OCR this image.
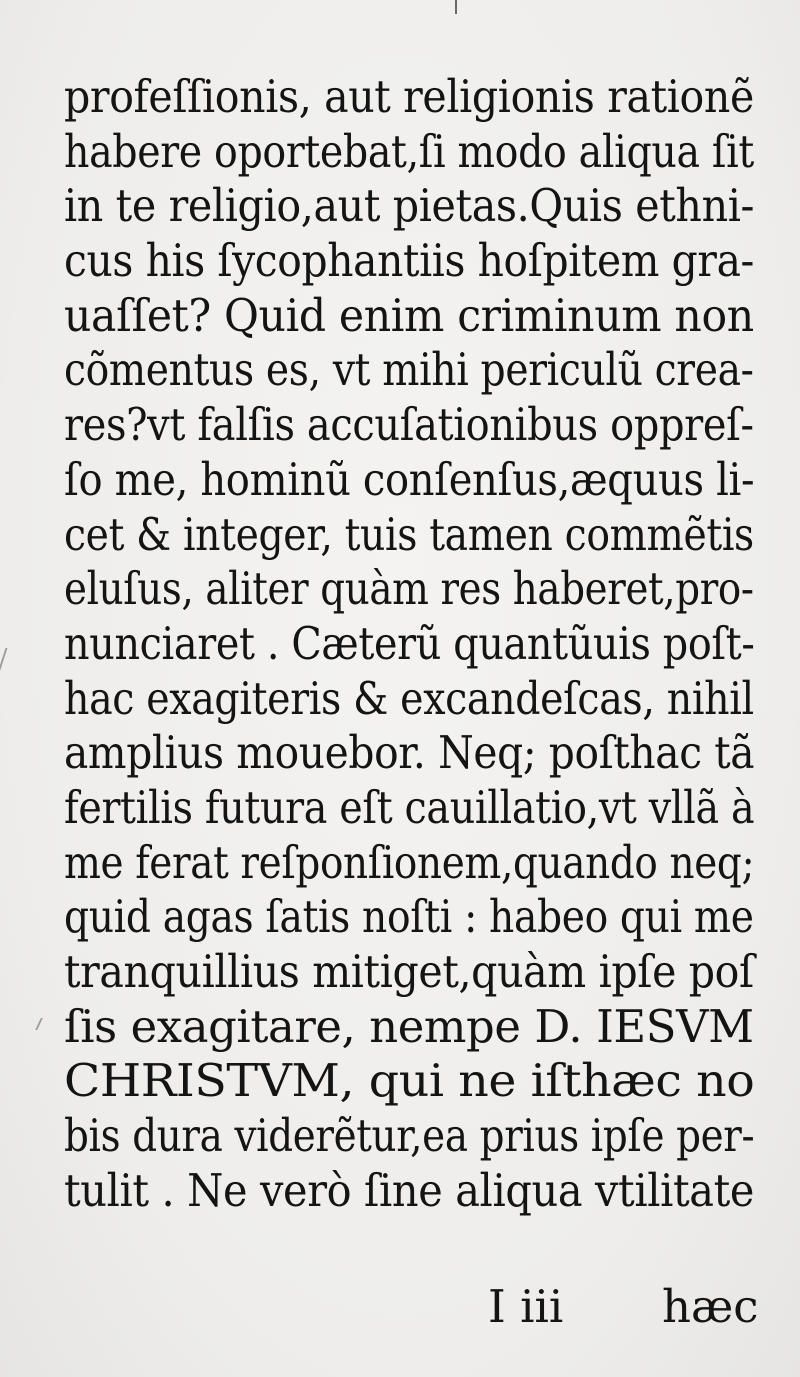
profeſſionis, aut religionis rationẽ
habere oportebat,ſi modo aliqua ſit
in te religio,aut pietas.Quis ethni-
cus his ſycophantiis hoſpitem gra-
uaſſet? Quid enim criminum non
cõmentus es, vt mihi periculũ crea-
res?vt falſis accuſationibus oppreſ-
ſo me, hominũ conſenſus,æquus li-
cet & integer, tuis tamen commẽtis
eluſus, aliter quàm res haberet,pro-
nunciaret . Cæterũ quantũuis poſt-
hac exagiteris & excandeſcas, nihil
amplius mouebor. Neq; poſthac tã
fertilis futura eſt cauillatio,vt vllã à
me ferat reſponſionem,quando neq;
quid agas ſatis noſti : habeo qui me
tranquillius mitiget,quàm ipſe poſ
ſis exagitare, nempe D. IESVM
CHRISTVM, qui ne iſthæc no
bis dura viderẽtur,ea prius ipſe per-
tulit . Ne verò ſine aliqua vtilitate
I iii hæc
